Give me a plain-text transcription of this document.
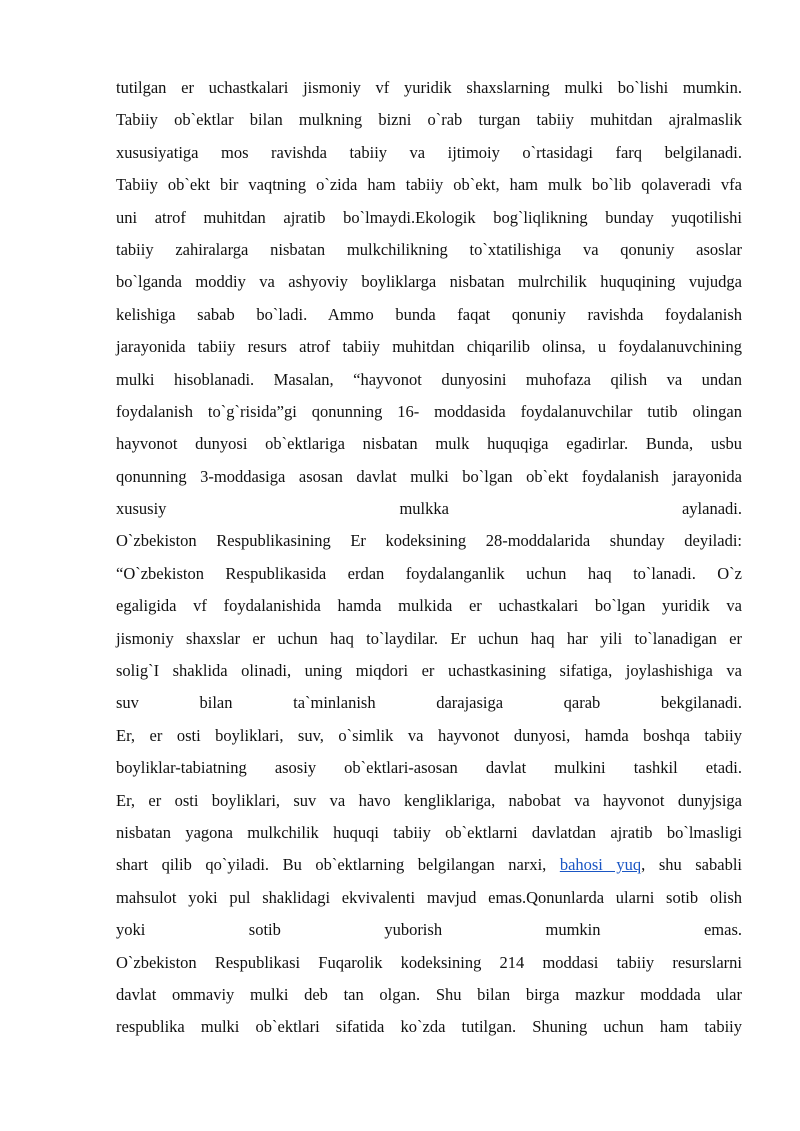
tutilgan er uchastkalari jismoniy vf yuridik shaxslarning mulki bo`lishi mumkin.
Tabiiy ob`ektlar bilan mulkning bizni o`rab turgan tabiiy muhitdan ajralmaslik
xususiyatiga mos ravishda tabiiy va ijtimoiy o`rtasidagi farq belgilanadi.
Tabiiy ob`ekt bir vaqtning o`zida ham tabiiy ob`ekt, ham mulk bo`lib qolaveradi vfa
uni atrof muhitdan ajratib bo`lmaydi.Ekologik bog`liqlikning bunday yuqotilishi
tabiiy zahiralarga nisbatan mulkchilikning to`xtatilishiga va qonuniy asoslar
bo`lganda moddiy va ashyoviy boyliklarga nisbatan mulrchilik huquqining vujudga
kelishiga sabab bo`ladi. Ammo bunda faqat qonuniy ravishda foydalanish
jarayonida tabiiy resurs atrof tabiiy muhitdan chiqarilib olinsa, u foydalanuvchining
mulki hisoblanadi. Masalan, “hayvonot dunyosini muhofaza qilish va undan
foydalanish to`g`risida”gi qonunning 16- moddasida foydalanuvchilar tutib olingan
hayvonot dunyosi ob`ektlariga nisbatan mulk huquqiga egadirlar. Bunda, usbu
qonunning 3-moddasiga asosan davlat mulki bo`lgan ob`ekt foydalanish jarayonida
xususiy mulkka aylanadi.
O`zbekiston Respublikasining Er kodeksining 28-moddalarida shunday deyiladi:
“O`zbekiston Respublikasida erdan foydalanganlik uchun haq to`lanadi. O`z
egaligida vf foydalanishida hamda mulkida er uchastkalari bo`lgan yuridik va
jismoniy shaxslar er uchun haq to`laydilar. Er uchun haq har yili to`lanadigan er
solig`I shaklida olinadi, uning miqdori er uchastkasining sifatiga, joylashishiga va
suv bilan ta`minlanish darajasiga qarab bekgilanadi.
Er, er osti boyliklari, suv, o`simlik va hayvonot dunyosi, hamda boshqa tabiiy
boyliklar-tabiatning asosiy ob`ektlari-asosan davlat mulkini tashkil etadi.
Er, er osti boyliklari, suv va havo kengliklariga, nabobat va hayvonot dunyjsiga
nisbatan yagona mulkchilik huquqi tabiiy ob`ektlarni davlatdan ajratib bo`lmasligi
shart qilib qo`yiladi. Bu ob`ektlarning belgilangan narxi, bahosi yuq, shu sababli
mahsulot yoki pul shaklidagi ekvivalenti mavjud emas.Qonunlarda ularni sotib olish
yoki sotib yuborish mumkin emas.
O`zbekiston Respublikasi Fuqarolik kodeksining 214 moddasi tabiiy resurslarni
davlat ommaviy mulki deb tan olgan. Shu bilan birga mazkur moddada ular
respublika mulki ob`ektlari sifatida ko`zda tutilgan. Shuning uchun ham tabiiy
